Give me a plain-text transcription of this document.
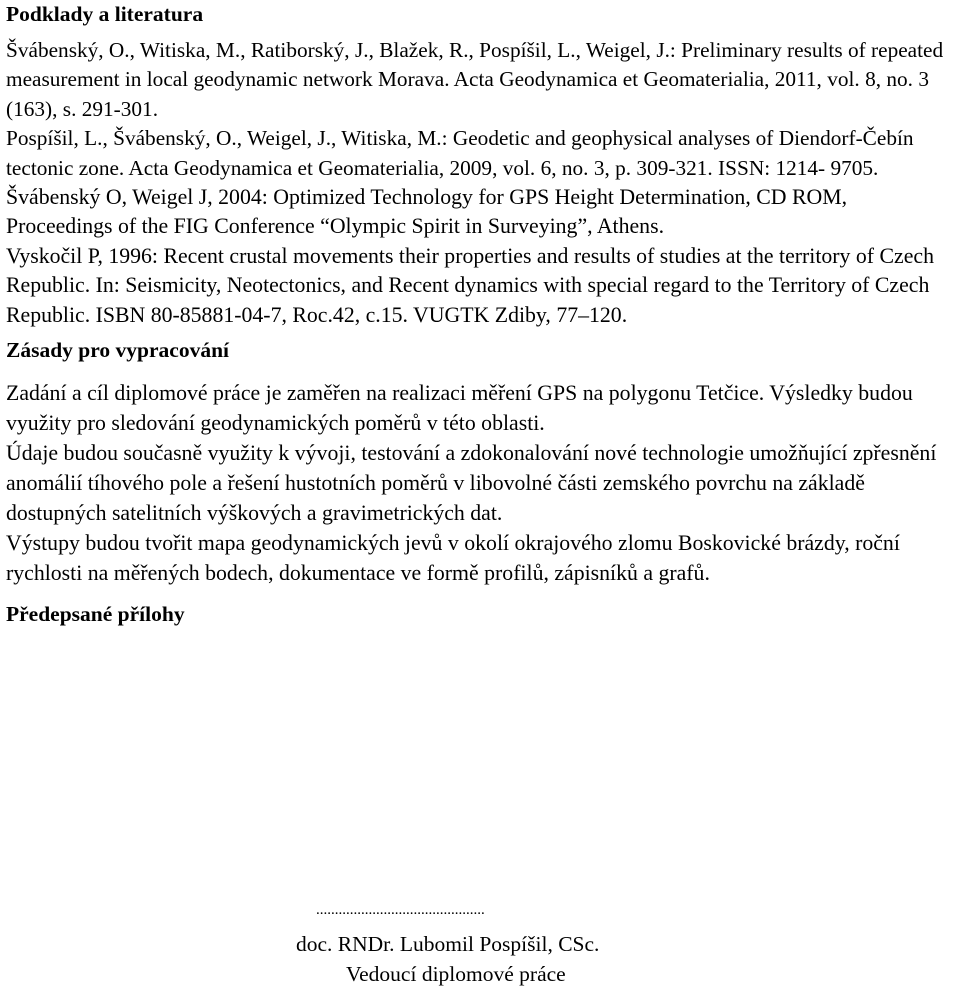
Podklady a literatura

Švábenský, O., Witiska, M., Ratiborský, J., Blažek, R., Pospíšil, L., Weigel, J.: Preliminary results of repeated measurement in local geodynamic network Morava. Acta Geodynamica et Geomaterialia, 2011, vol. 8, no. 3 (163), s. 291-301.

Pospíšil, L., Švábenský, O., Weigel, J., Witiska, M.: Geodetic and geophysical analyses of Diendorf-Čebín tectonic zone. Acta Geodynamica et Geomaterialia, 2009, vol. 6, no. 3, p. 309-321. ISSN: 1214- 9705.

Švábenský O, Weigel J, 2004: Optimized Technology for GPS Height Determination, CD ROM, Proceedings of the FIG Conference “Olympic Spirit in Surveying”, Athens.

Vyskočil P, 1996: Recent crustal movements their properties and results of studies at the territory of Czech Republic. In: Seismicity, Neotectonics, and Recent dynamics with special regard to the Territory of Czech Republic. ISBN 80-85881-04-7, Roc.42, c.15. VUGTK Zdiby, 77–120.

Zásady pro vypracování

Zadání a cíl diplomové práce je zaměřen na realizaci měření GPS na polygonu Tetčice. Výsledky budou využity pro sledování geodynamických poměrů v této oblasti.

Údaje budou současně využity k vývoji, testování a zdokonalování nové technologie umožňující zpřesnění anomálií tíhového pole a řešení hustotních poměrů v libovolné části zemského povrchu na základě dostupných satelitních výškových a gravimetrických dat.

Výstupy budou tvořit mapa geodynamických jevů v okolí okrajového zlomu Boskovické brázdy, roční rychlosti na měřených bodech, dokumentace ve formě profilů, zápisníků a grafů.

Předepsané přílohy
.............................................
doc. RNDr. Lubomil Pospíšil, CSc.
Vedoucí diplomové práce
